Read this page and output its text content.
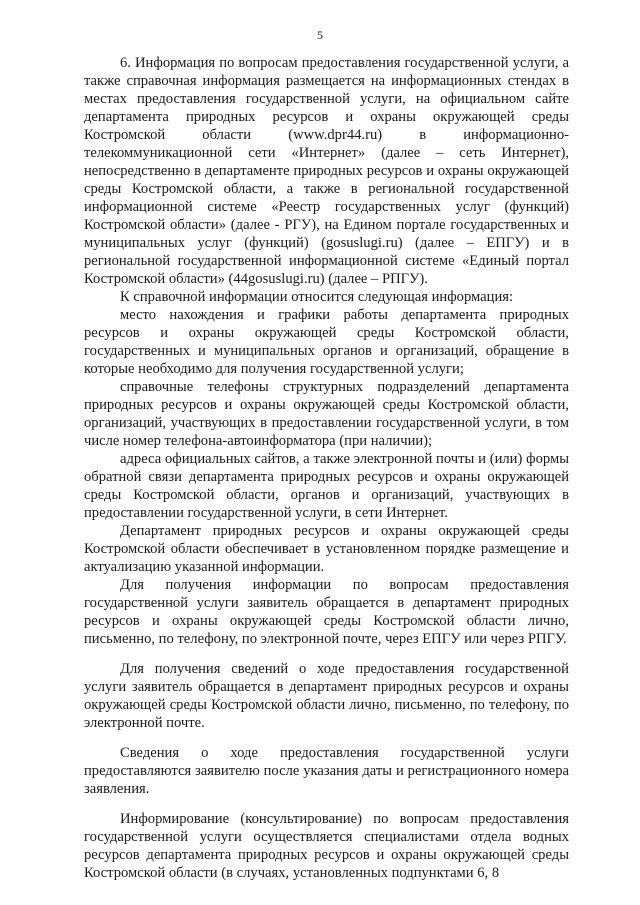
5

6. Информация по вопросам предоставления государственной услуги, а также справочная информация размещается на информационных стендах в местах предоставления государственной услуги, на официальном сайте департамента природных ресурсов и охраны окружающей среды Костромской области (www.dpr44.ru) в информационно-телекоммуникационной сети «Интернет» (далее – сеть Интернет), непосредственно в департаменте природных ресурсов и охраны окружающей среды Костромской области, а также в региональной государственной информационной системе «Реестр государственных услуг (функций) Костромской области» (далее - РГУ), на Едином портале государственных и муниципальных услуг (функций) (gosuslugi.ru) (далее – ЕПГУ) и в региональной государственной информационной системе «Единый портал Костромской области» (44gosuslugi.ru) (далее – РПГУ).

К справочной информации относится следующая информация:

место нахождения и графики работы департамента природных ресурсов и охраны окружающей среды Костромской области, государственных и муниципальных органов и организаций, обращение в которые необходимо для получения государственной услуги;

справочные телефоны структурных подразделений департамента природных ресурсов и охраны окружающей среды Костромской области, организаций, участвующих в предоставлении государственной услуги, в том числе номер телефона-автоинформатора (при наличии);

адреса официальных сайтов, а также электронной почты и (или) формы обратной связи департамента природных ресурсов и охраны окружающей среды Костромской области, органов и организаций, участвующих в предоставлении государственной услуги, в сети Интернет.

Департамент природных ресурсов и охраны окружающей среды Костромской области обеспечивает в установленном порядке размещение и актуализацию указанной информации.

Для получения информации по вопросам предоставления государственной услуги заявитель обращается в департамент природных ресурсов и охраны окружающей среды Костромской области лично, письменно, по телефону, по электронной почте, через ЕПГУ или через РПГУ.

Для получения сведений о ходе предоставления государственной услуги заявитель обращается в департамент природных ресурсов и охраны окружающей среды Костромской области лично, письменно, по телефону, по электронной почте.

Сведения о ходе предоставления государственной услуги предоставляются заявителю после указания даты и регистрационного номера заявления.

Информирование (консультирование) по вопросам предоставления государственной услуги осуществляется специалистами отдела водных ресурсов департамента природных ресурсов и охраны окружающей среды Костромской области (в случаях, установленных подпунктами 6, 8
